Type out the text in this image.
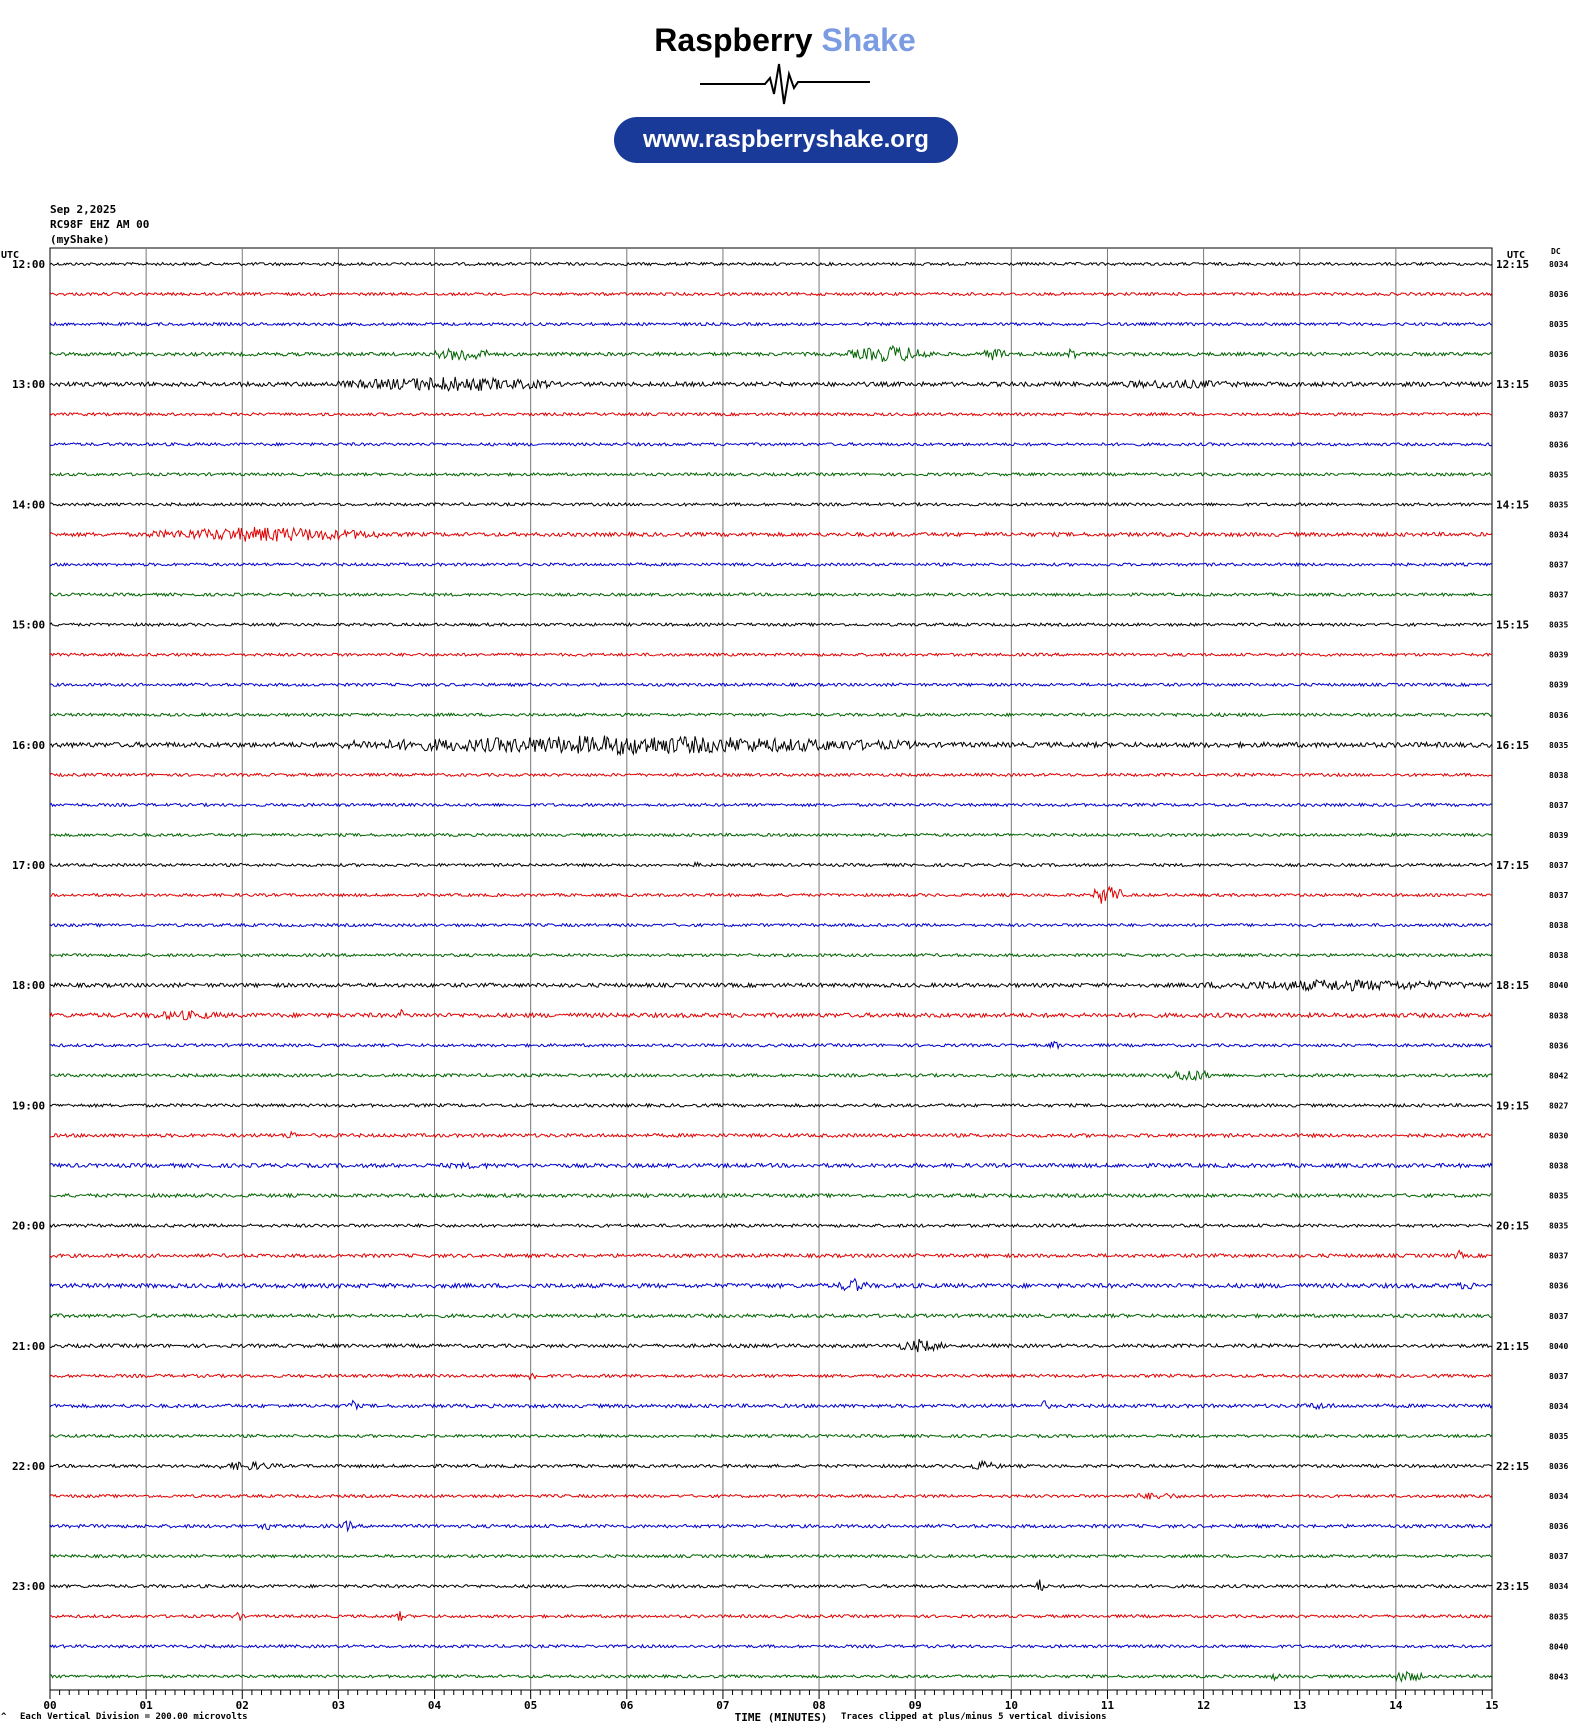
Raspberry Shake
www.raspberryshake.org
Sep 2,2025
RC98F EHZ AM 00
(myShake)
00	01	02	03	04	05	06	07	08	09	10	11	12	13	14	15
TIME (MINUTES)
UTC	UTC	DC
8034
8036
8035
8036
8035
8037
8036
8035
8035
8034
8037
8037
8035
8039
8039
8036
8035
8038
8037
8039
8037
8037
8038
8038
8040
8038
8036
8042
8027
8030
8038
8035
8035
8037
8036
8037
8040
8037
8034
8035
8036
8034
8036
8037
8034
8035
8040
8043
12:00
13:00
14:00
15:00
16:00
17:00
18:00
19:00
20:00
21:00
22:00
23:00
12:15
13:15
14:15
15:15
16:15
17:15
18:15
19:15
20:15
21:15
22:15
23:15
^ Each Vertical Division = 200.00 microvolts	Traces clipped at plus/minus 5 vertical divisions
